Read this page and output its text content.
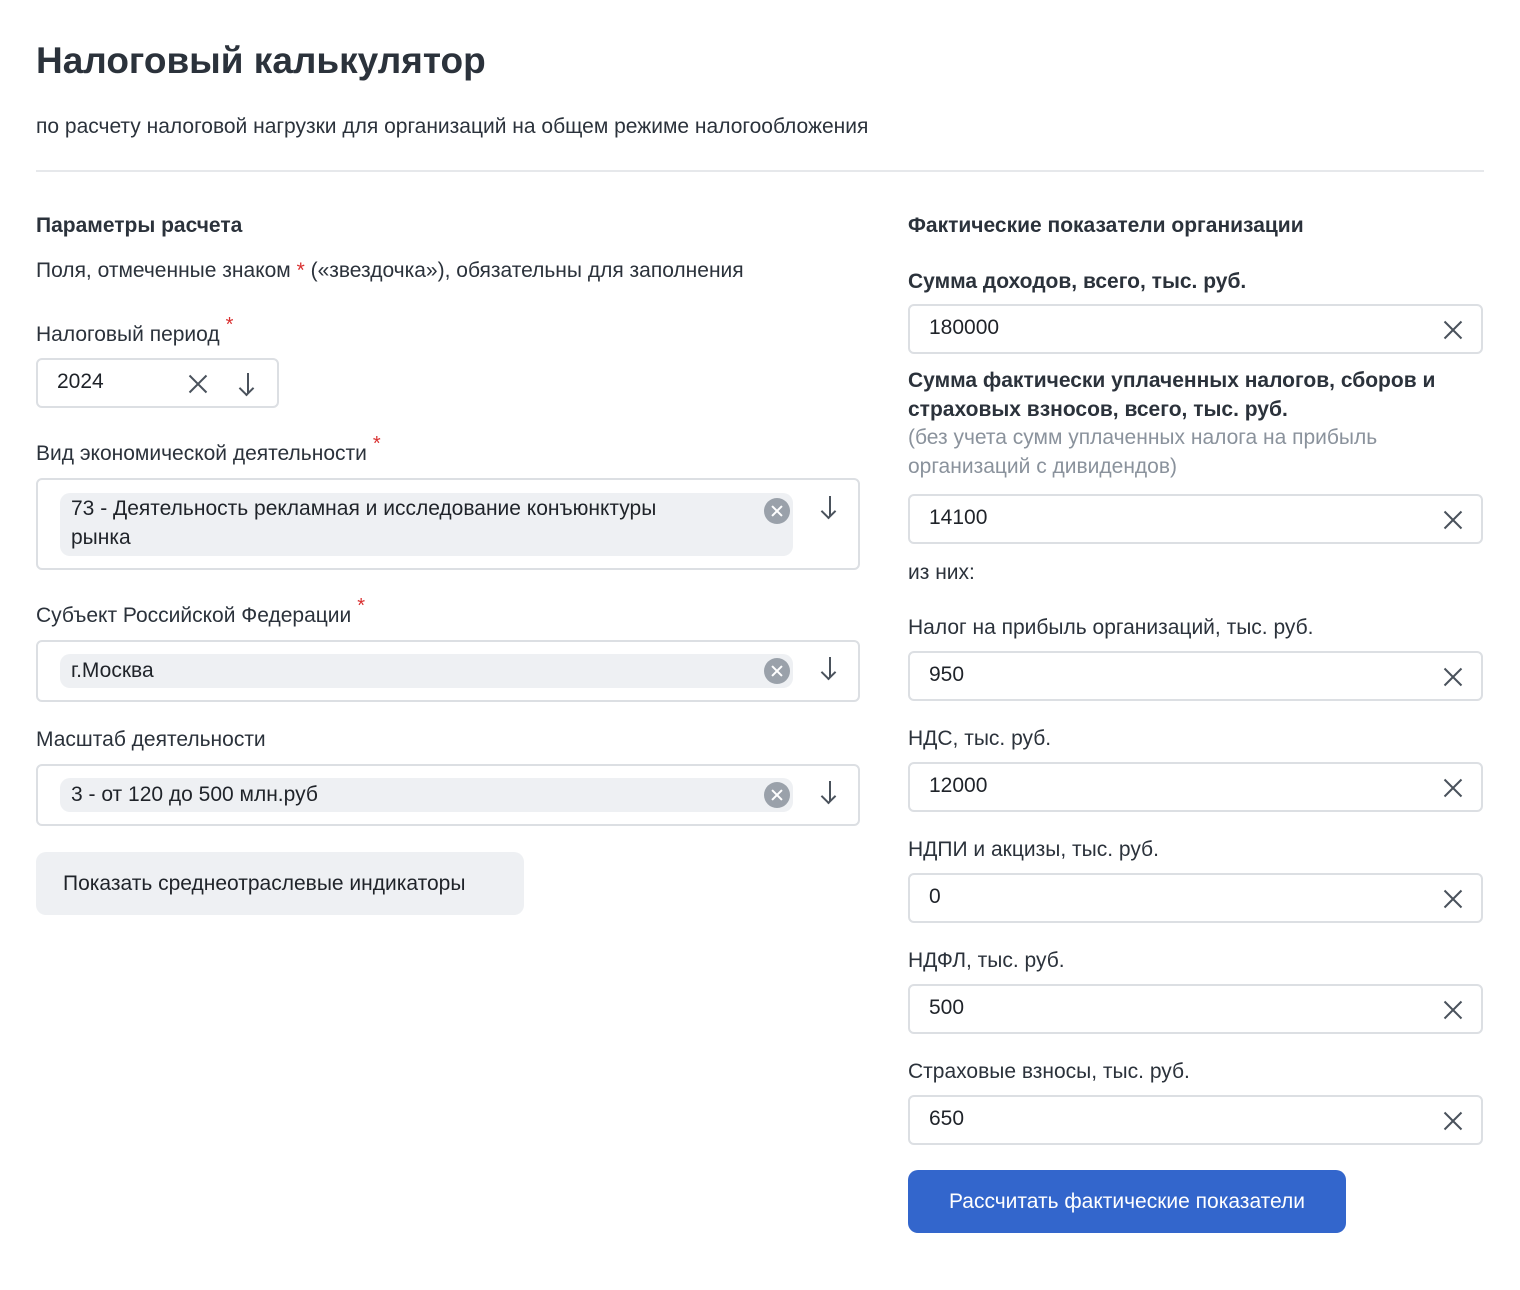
Налоговый калькулятор
по расчету налоговой нагрузки для организаций на общем режиме налогообложения
Параметры расчета
Поля, отмеченные знаком * («звездочка»), обязательны для заполнения
Налоговый период *
2024
Вид экономической деятельности *
73 - Деятельность рекламная и исследование конъюнктуры
рынка
Субъект Российской Федерации *
г.Москва
Масштаб деятельности
3 - от 120 до 500 млн.руб
Показать среднеотраслевые индикаторы
Фактические показатели организации
Сумма доходов, всего, тыс. руб.
180000
Сумма фактически уплаченных налогов, сборов и
страховых взносов, всего, тыс. руб.
(без учета сумм уплаченных налога на прибыль
организаций с дивидендов)
14100
из них:
Налог на прибыль организаций, тыс. руб.
950
НДС, тыс. руб.
12000
НДПИ и акцизы, тыс. руб.
0
НДФЛ, тыс. руб.
500
Страховые взносы, тыс. руб.
650
Рассчитать фактические показатели
